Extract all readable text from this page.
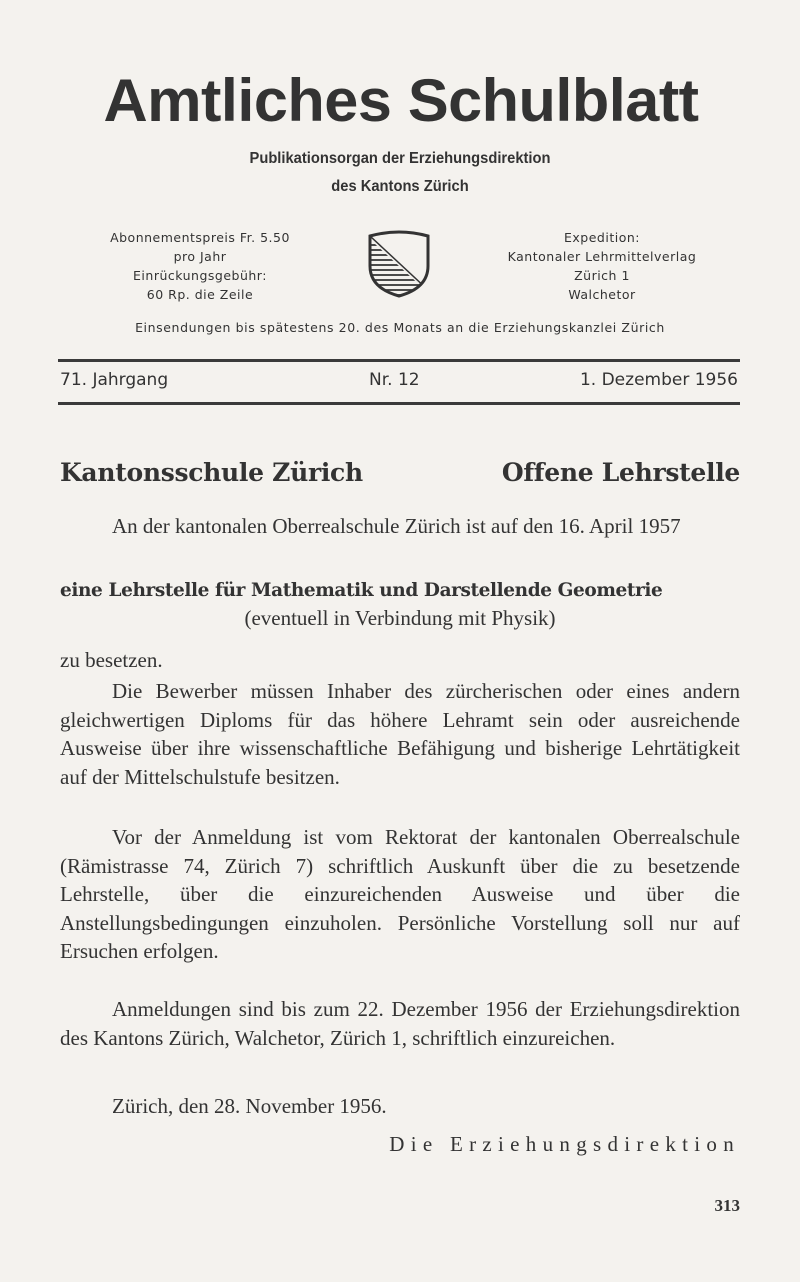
Amtliches Schulblatt
Publikationsorgan der Erziehungsdirektion
des Kantons Zürich
Abonnementspreis Fr. 5.50
pro Jahr
Einrückungsgebühr:
60 Rp. die Zeile
Expedition:
Kantonaler Lehrmittelverlag
Zürich 1
Walchetor
Einsendungen bis spätestens 20. des Monats an die Erziehungskanzlei Zürich
71. Jahrgang	Nr. 12	1. Dezember 1956
Kantonsschule Zürich	Offene Lehrstelle

An der kantonalen Oberrealschule Zürich ist auf den 16. April 1957

eine Lehrstelle für Mathematik und Darstellende Geometrie
(eventuell in Verbindung mit Physik)
zu besetzen.

Die Bewerber müssen Inhaber des zürcherischen oder eines andern gleichwertigen Diploms für das höhere Lehramt sein oder ausreichende Ausweise über ihre wissenschaftliche Befähigung und bisherige Lehrtätigkeit auf der Mittelschulstufe besitzen.

Vor der Anmeldung ist vom Rektorat der kantonalen Oberrealschule (Rämistrasse 74, Zürich 7) schriftlich Auskunft über die zu besetzende Lehrstelle, über die einzureichenden Ausweise und über die Anstellungsbedingungen einzuholen. Persönliche Vorstellung soll nur auf Ersuchen erfolgen.

Anmeldungen sind bis zum 22. Dezember 1956 der Erziehungsdirektion des Kantons Zürich, Walchetor, Zürich 1, schriftlich einzureichen.

Zürich, den 28. November 1956.

Die Erziehungsdirektion
313
